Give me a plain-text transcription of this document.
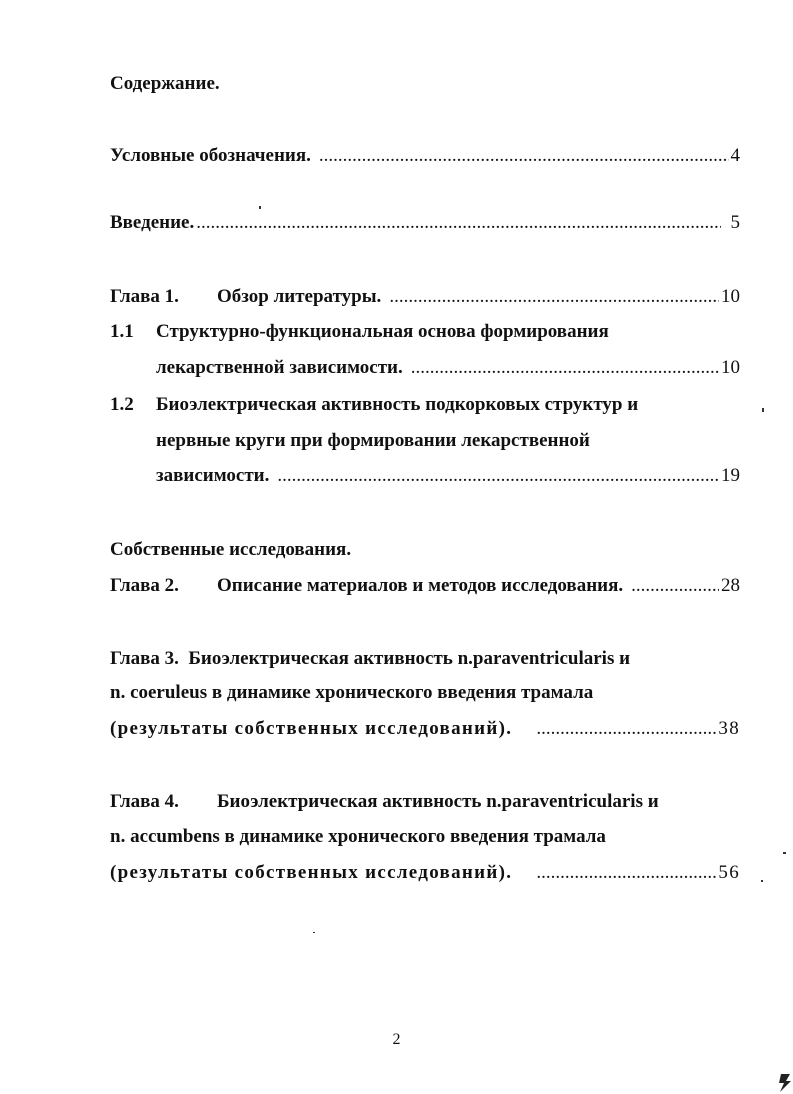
Содержание.
Условные обозначения. .....	4
Введение. .....	5
Глава 1.	Обзор литературы. .....	10
1.1 Структурно-функциональная основа формирования
лекарственной зависимости. .....	10
1.2 Биоэлектрическая активность подкорковых структур и
нервные круги при формировании лекарственной
зависимости. .....	19
Собственные исследования.
Глава 2.	Описание материалов и методов исследования. .....	28
Глава 3.  Биоэлектрическая активность n.paraventricularis и
n. coeruleus в динамике хронического введения трамала
(результаты собственных исследований). .....	38
Глава 4. Биоэлектрическая активность n.paraventricularis и
n. accumbens в динамике хронического введения трамала
(результаты собственных исследований). .....	56
2
